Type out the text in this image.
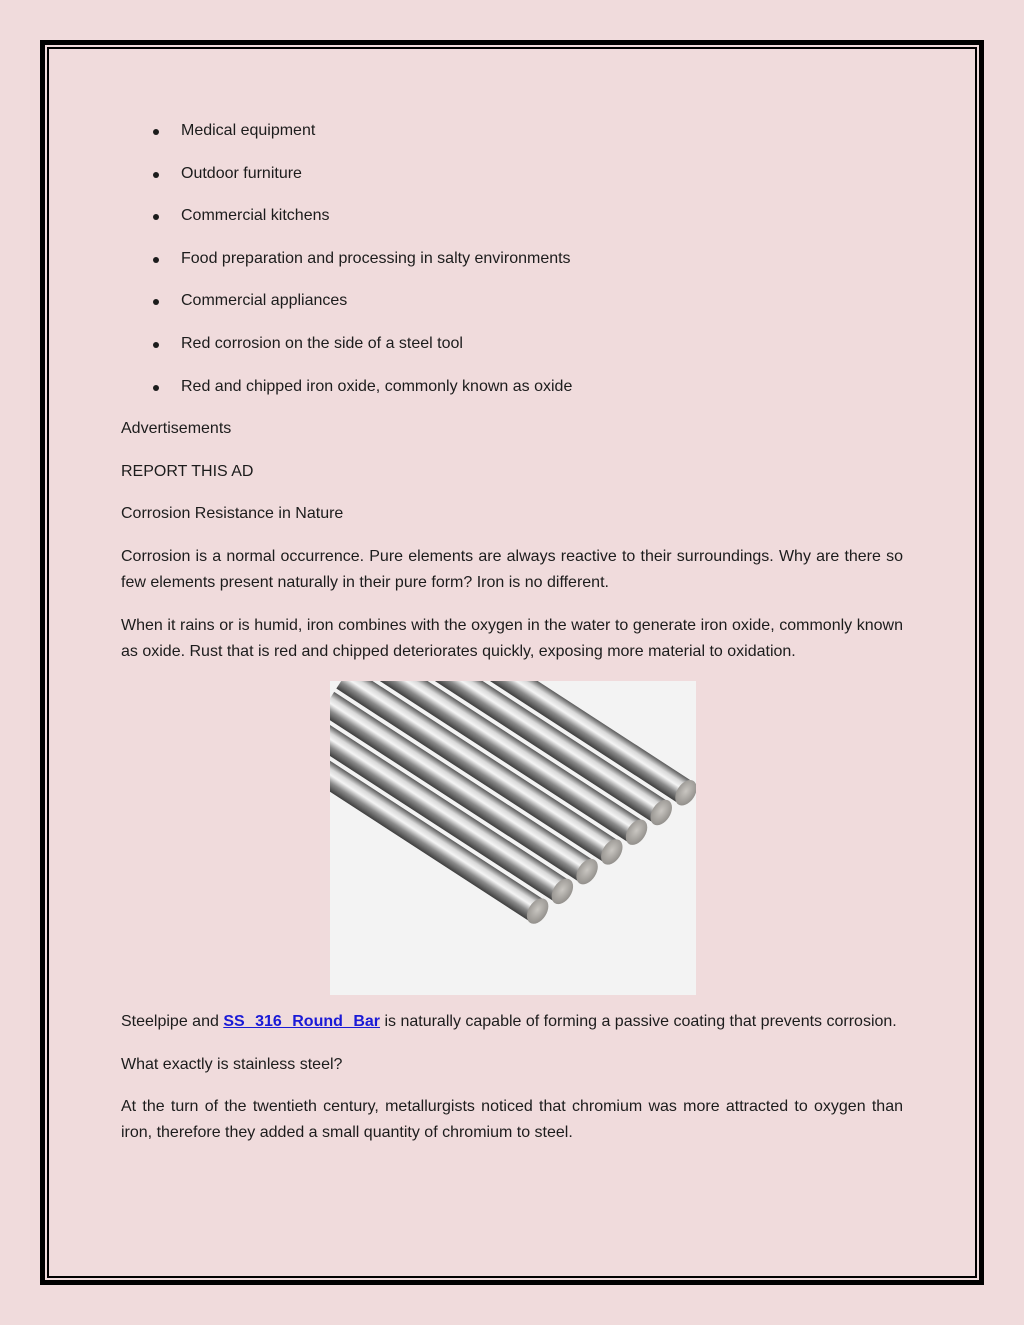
Medical equipment
Outdoor furniture
Commercial kitchens
Food preparation and processing in salty environments
Commercial appliances
Red corrosion on the side of a steel tool
Red and chipped iron oxide, commonly known as oxide

Advertisements

REPORT THIS AD

Corrosion Resistance in Nature

Corrosion is a normal occurrence. Pure elements are always reactive to their surroundings. Why are there so few elements present naturally in their pure form? Iron is no different.

When it rains or is humid, iron combines with the oxygen in the water to generate iron oxide, commonly known as oxide. Rust that is red and chipped deteriorates quickly, exposing more material to oxidation.

Steelpipe and SS 316 Round Bar is naturally capable of forming a passive coating that prevents corrosion.

What exactly is stainless steel?

At the turn of the twentieth century, metallurgists noticed that chromium was more attracted to oxygen than iron, therefore they added a small quantity of chromium to steel.
